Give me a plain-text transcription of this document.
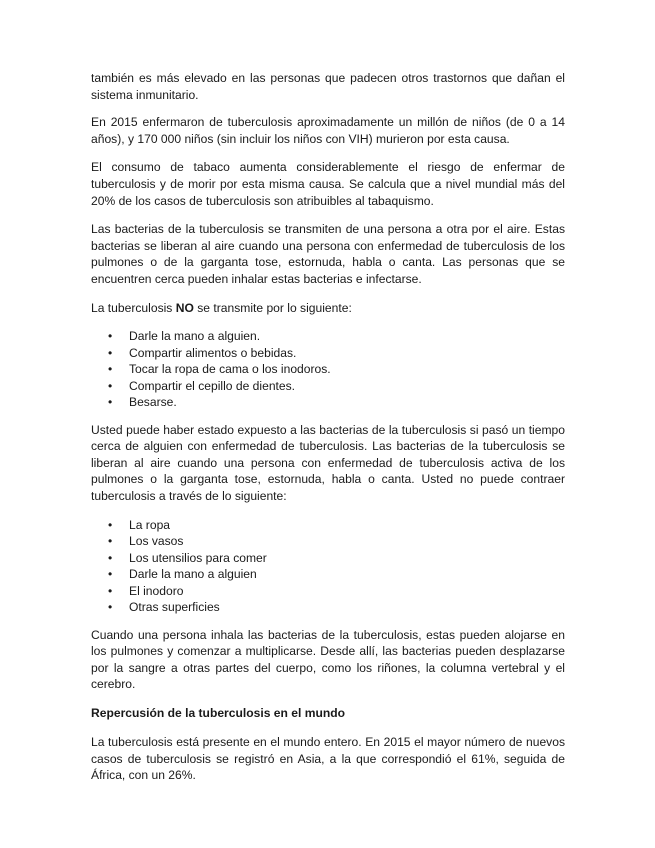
también es más elevado en las personas que padecen otros trastornos que dañan el sistema inmunitario.

En 2015 enfermaron de tuberculosis aproximadamente un millón de niños (de 0 a 14 años), y 170 000 niños (sin incluir los niños con VIH) murieron por esta causa.

El consumo de tabaco aumenta considerablemente el riesgo de enfermar de tuberculosis y de morir por esta misma causa. Se calcula que a nivel mundial más del 20% de los casos de tuberculosis son atribuibles al tabaquismo.

Las bacterias de la tuberculosis se transmiten de una persona a otra por el aire. Estas bacterias se liberan al aire cuando una persona con enfermedad de tuberculosis de los pulmones o de la garganta tose, estornuda, habla o canta. Las personas que se encuentren cerca pueden inhalar estas bacterias e infectarse.

La tuberculosis NO se transmite por lo siguiente:

• Darle la mano a alguien.
• Compartir alimentos o bebidas.
• Tocar la ropa de cama o los inodoros.
• Compartir el cepillo de dientes.
• Besarse.

Usted puede haber estado expuesto a las bacterias de la tuberculosis si pasó un tiempo cerca de alguien con enfermedad de tuberculosis. Las bacterias de la tuberculosis se liberan al aire cuando una persona con enfermedad de tuberculosis activa de los pulmones o la garganta tose, estornuda, habla o canta. Usted no puede contraer tuberculosis a través de lo siguiente:

• La ropa
• Los vasos
• Los utensilios para comer
• Darle la mano a alguien
• El inodoro
• Otras superficies

Cuando una persona inhala las bacterias de la tuberculosis, estas pueden alojarse en los pulmones y comenzar a multiplicarse. Desde allí, las bacterias pueden desplazarse por la sangre a otras partes del cuerpo, como los riñones, la columna vertebral y el cerebro.

Repercusión de la tuberculosis en el mundo

La tuberculosis está presente en el mundo entero. En 2015 el mayor número de nuevos casos de tuberculosis se registró en Asia, a la que correspondió el 61%, seguida de África, con un 26%.
